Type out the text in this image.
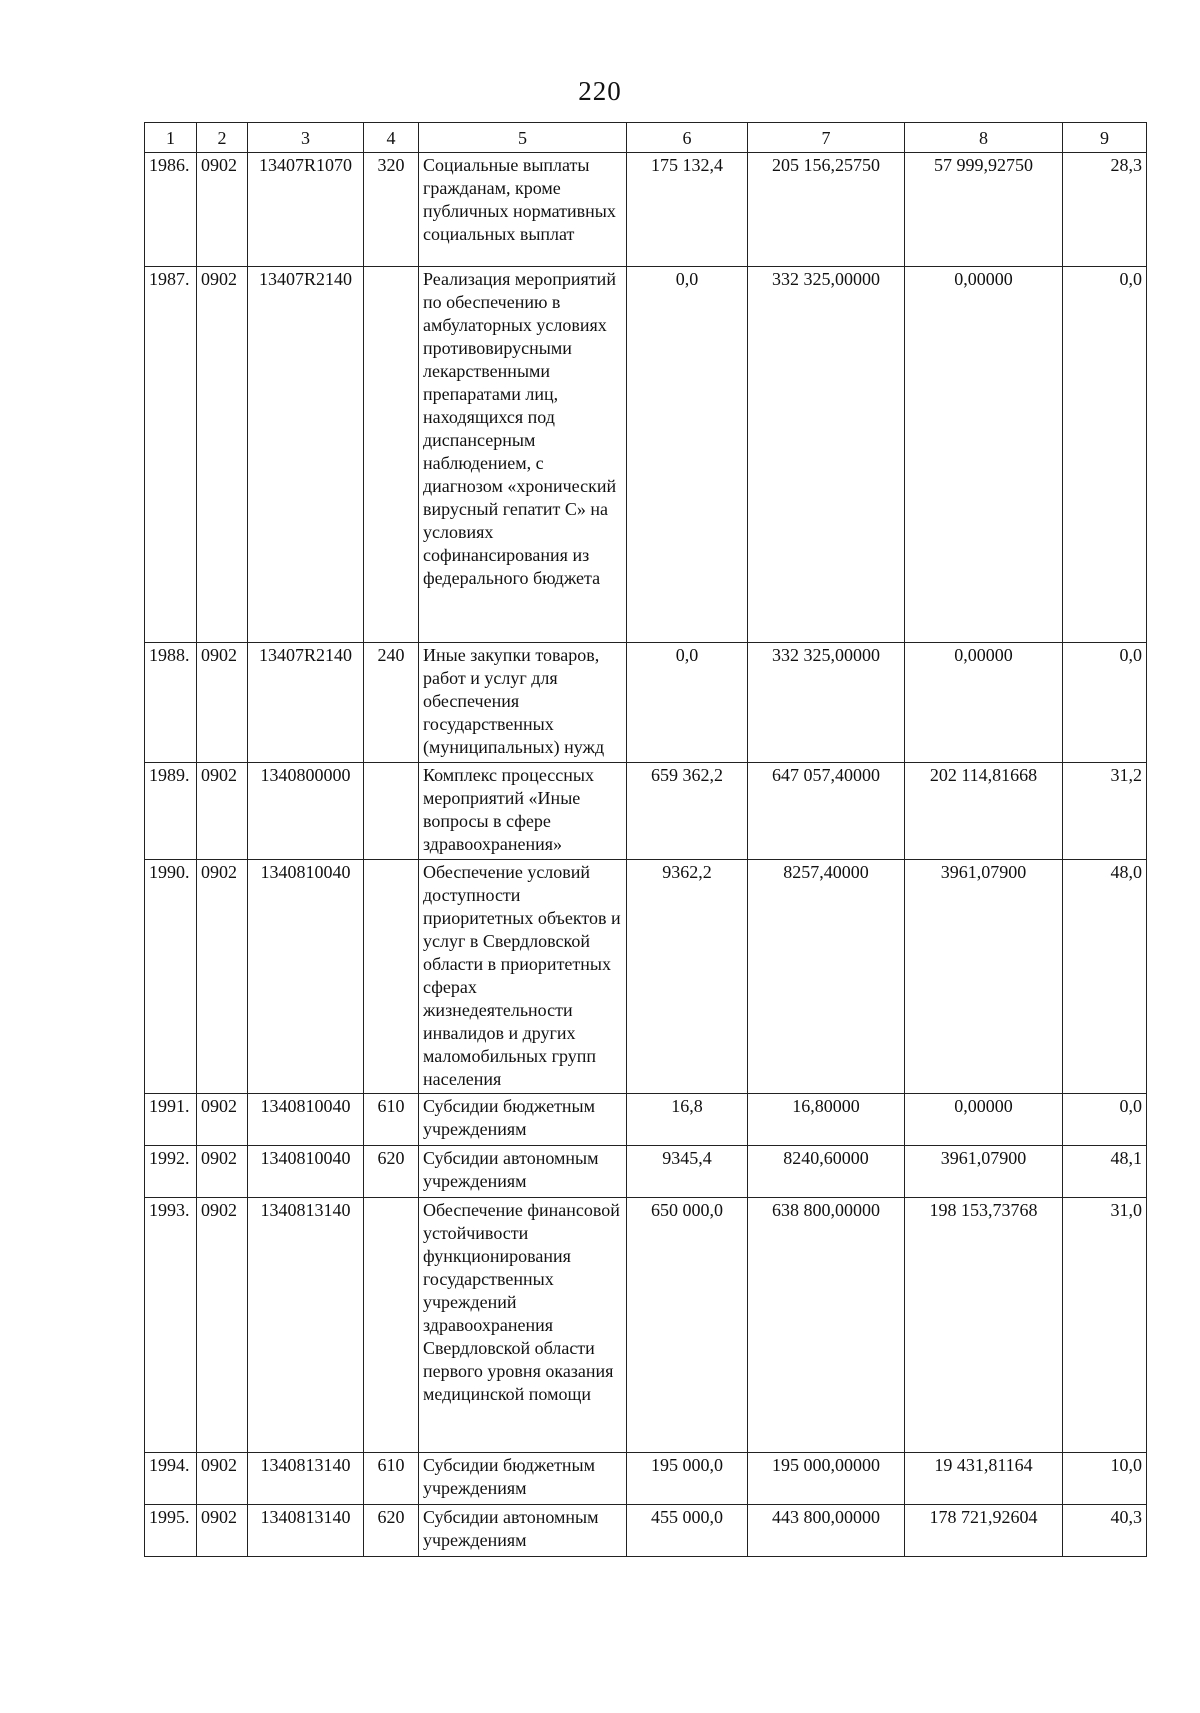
220
1	2	3	4	5	6	7	8	9
1986.	0902	13407R1070	320	Социальные выплаты гражданам, кроме публичных нормативных социальных выплат	175 132,4	205 156,25750	57 999,92750	28,3
1987.	0902	13407R2140		Реализация мероприятий по обеспечению в амбулаторных условиях противовирусными лекарственными препаратами лиц, находящихся под диспансерным наблюдением, с диагнозом «хронический вирусный гепатит С» на условиях софинансирования из федерального бюджета	0,0	332 325,00000	0,00000	0,0
1988.	0902	13407R2140	240	Иные закупки товаров, работ и услуг для обеспечения государственных (муниципальных) нужд	0,0	332 325,00000	0,00000	0,0
1989.	0902	1340800000		Комплекс процессных мероприятий «Иные вопросы в сфере здравоохранения»	659 362,2	647 057,40000	202 114,81668	31,2
1990.	0902	1340810040		Обеспечение условий доступности приоритетных объектов и услуг в Свердловской области в приоритетных сферах жизнедеятельности инвалидов и других маломобильных групп населения	9362,2	8257,40000	3961,07900	48,0
1991.	0902	1340810040	610	Субсидии бюджетным учреждениям	16,8	16,80000	0,00000	0,0
1992.	0902	1340810040	620	Субсидии автономным учреждениям	9345,4	8240,60000	3961,07900	48,1
1993.	0902	1340813140		Обеспечение финансовой устойчивости функционирования государственных учреждений здравоохранения Свердловской области первого уровня оказания медицинской помощи	650 000,0	638 800,00000	198 153,73768	31,0
1994.	0902	1340813140	610	Субсидии бюджетным учреждениям	195 000,0	195 000,00000	19 431,81164	10,0
1995.	0902	1340813140	620	Субсидии автономным учреждениям	455 000,0	443 800,00000	178 721,92604	40,3
